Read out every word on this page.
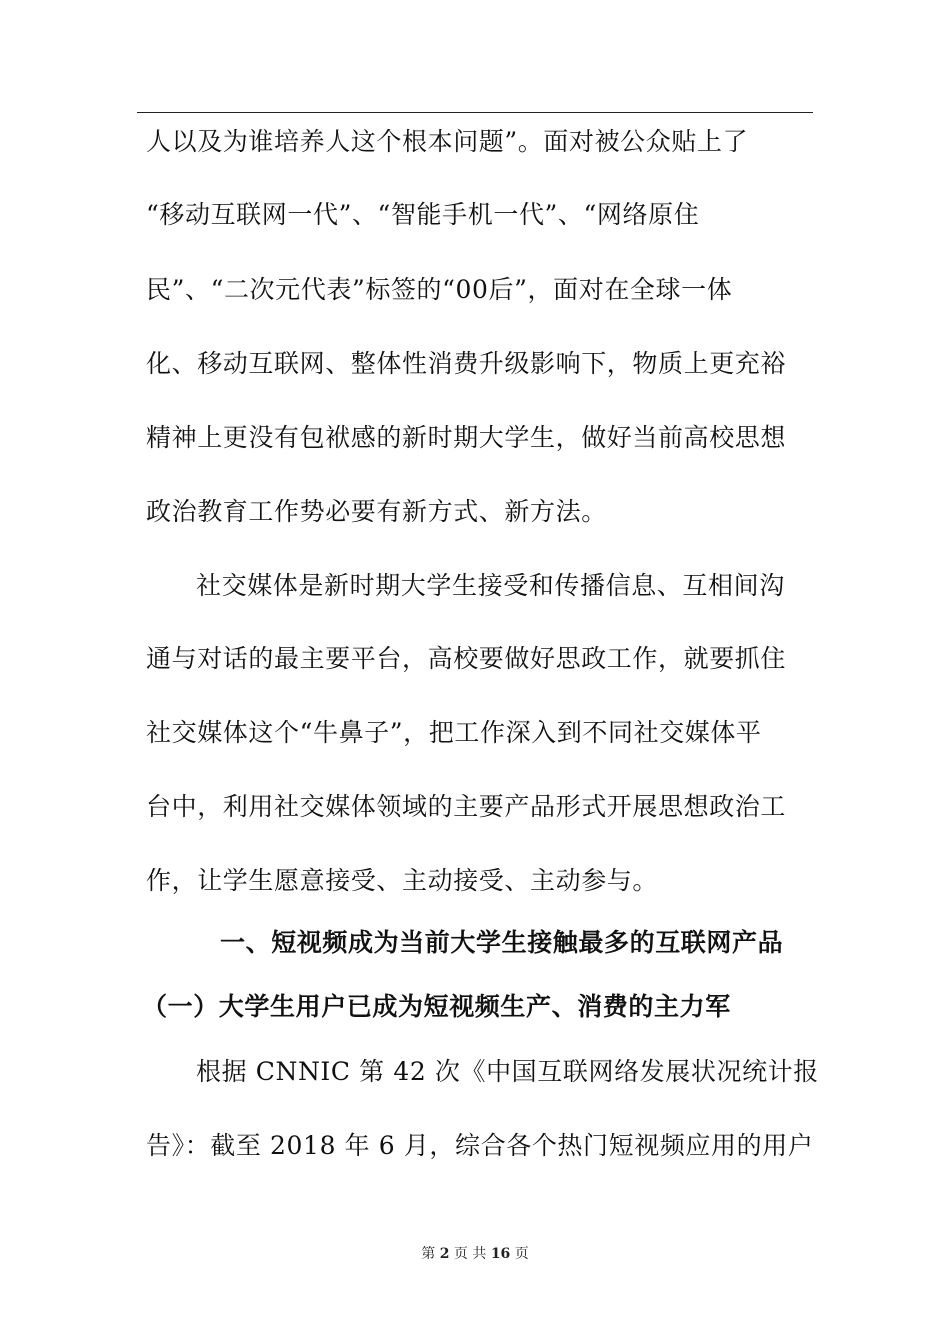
人以及为谁培养人这个根本问题”。面对被公众贴上了
“移动互联网一代”、“智能手机一代”、“网络原住
民”、“二次元代表”标签的“00后”，面对在全球一体
化、移动互联网、整体性消费升级影响下，物质上更充裕
精神上更没有包袱感的新时期大学生，做好当前高校思想
政治教育工作势必要有新方式、新方法。
社交媒体是新时期大学生接受和传播信息、互相间沟
通与对话的最主要平台，高校要做好思政工作，就要抓住
社交媒体这个“牛鼻子”，把工作深入到不同社交媒体平
台中，利用社交媒体领域的主要产品形式开展思想政治工
作，让学生愿意接受、主动接受、主动参与。
一、短视频成为当前大学生接触最多的互联网产品
（一）大学生用户已成为短视频生产、消费的主力军
根据 CNNIC 第 42 次《中国互联网络发展状况统计报
告》：截至 2018 年 6 月，综合各个热门短视频应用的用户
第 2 页 共 16 页
